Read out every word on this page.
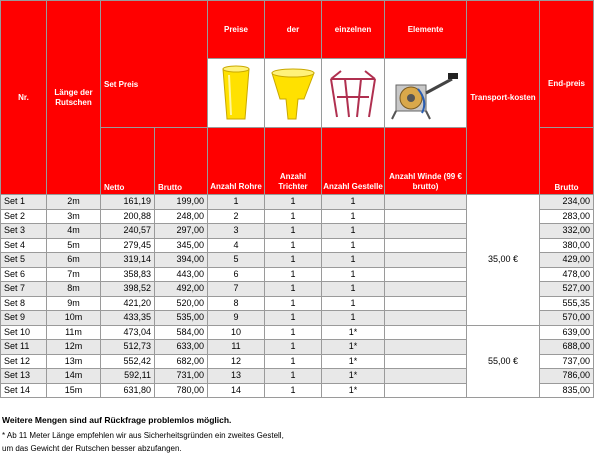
Nr.	Länge der Rutschen	Set Preis		Preise	der	einzelnen	Elemente	Transport-kosten	End-preis

		Netto	Brutto	Anzahl Rohre	Anzahl Trichter	Anzahl Gestelle	Anzahl Winde (99 € brutto)		Brutto
Set 1	2m	161,19	199,00	1	1	1		35,00 €	234,00
Set 2	3m	200,88	248,00	2	1	1			283,00
Set 3	4m	240,57	297,00	3	1	1			332,00
Set 4	5m	279,45	345,00	4	1	1			380,00
Set 5	6m	319,14	394,00	5	1	1			429,00
Set 6	7m	358,83	443,00	6	1	1			478,00
Set 7	8m	398,52	492,00	7	1	1			527,00
Set 8	9m	421,20	520,00	8	1	1			555,35
Set 9	10m	433,35	535,00	9	1	1			570,00
Set 10	11m	473,04	584,00	10	1	1*		55,00 €	639,00
Set 11	12m	512,73	633,00	11	1	1*			688,00
Set 12	13m	552,42	682,00	12	1	1*			737,00
Set 13	14m	592,11	731,00	13	1	1*			786,00
Set 14	15m	631,80	780,00	14	1	1*			835,00
Weitere Mengen sind auf Rückfrage problemlos möglich.
* Ab 11 Meter Länge empfehlen wir aus Sicherheitsgründen ein zweites Gestell,
um das Gewicht der Rutschen besser abzufangen.
